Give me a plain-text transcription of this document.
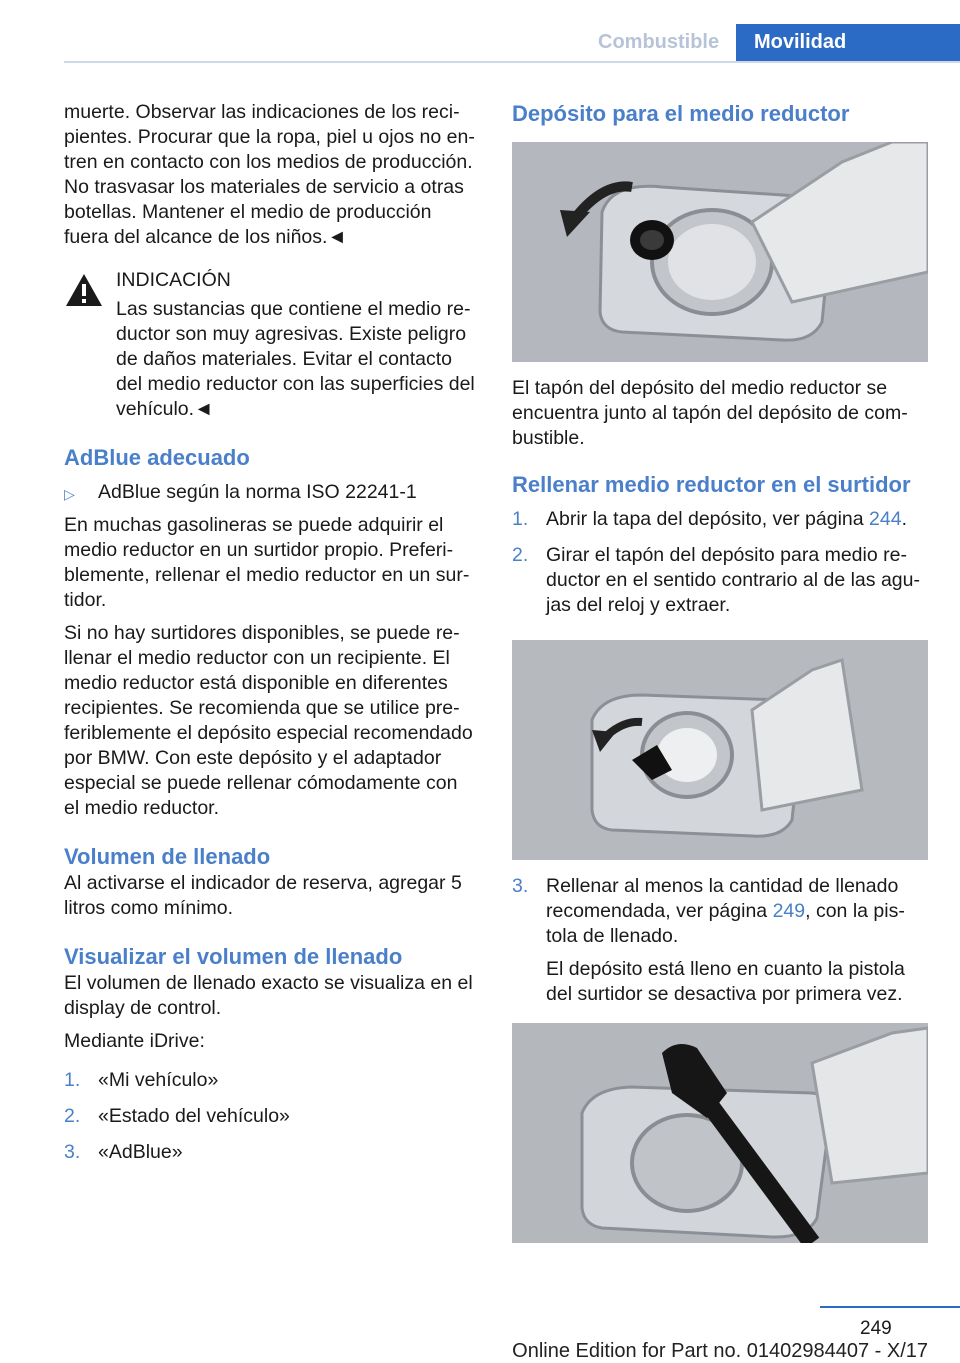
Combustible	Movilidad

muerte. Observar las indicaciones de los recipientes. Procurar que la ropa, piel u ojos no entren en contacto con los medios de producción. No trasvasar los materiales de servicio a otras botellas. Mantener el medio de producción fuera del alcance de los niños.◄

INDICACIÓN

Las sustancias que contiene el medio reductor son muy agresivas. Existe peligro de daños materiales. Evitar el contacto del medio reductor con las superficies del vehículo.◄

AdBlue adecuado
▷	AdBlue según la norma ISO 22241-1

En muchas gasolineras se puede adquirir el medio reductor en un surtidor propio. Preferiblemente, rellenar el medio reductor en un surtidor.

Si no hay surtidores disponibles, se puede rellenar el medio reductor con un recipiente. El medio reductor está disponible en diferentes recipientes. Se recomienda que se utilice preferiblemente el depósito especial recomendado por BMW. Con este depósito y el adaptador especial se puede rellenar cómodamente con el medio reductor.

Volumen de llenado

Al activarse el indicador de reserva, agregar 5 litros como mínimo.

Visualizar el volumen de llenado

El volumen de llenado exacto se visualiza en el display de control.

Mediante iDrive:

1. «Mi vehículo»
2. «Estado del vehículo»
3. «AdBlue»
Depósito para el medio reductor

El tapón del depósito del medio reductor se encuentra junto al tapón del depósito de combustible.

Rellenar medio reductor en el surtidor
1. Abrir la tapa del depósito, ver página 244.
2. Girar el tapón del depósito para medio reductor en el sentido contrario al de las agujas del reloj y extraer.
3. Rellenar al menos la cantidad de llenado recomendada, ver página 249, con la pistola de llenado.
El depósito está lleno en cuanto la pistola del surtidor se desactiva por primera vez.
249
Online Edition for Part no. 01402984407 - X/17
